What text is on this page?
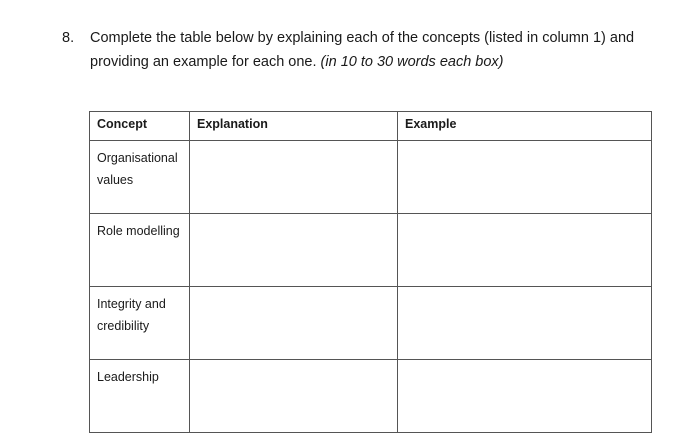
8. Complete the table below by explaining each of the concepts (listed in column 1) and providing an example for each one. (in 10 to 30 words each box)
Concept	Explanation	Example
Organisational values		
Role modelling		
Integrity and credibility		
Leadership		
